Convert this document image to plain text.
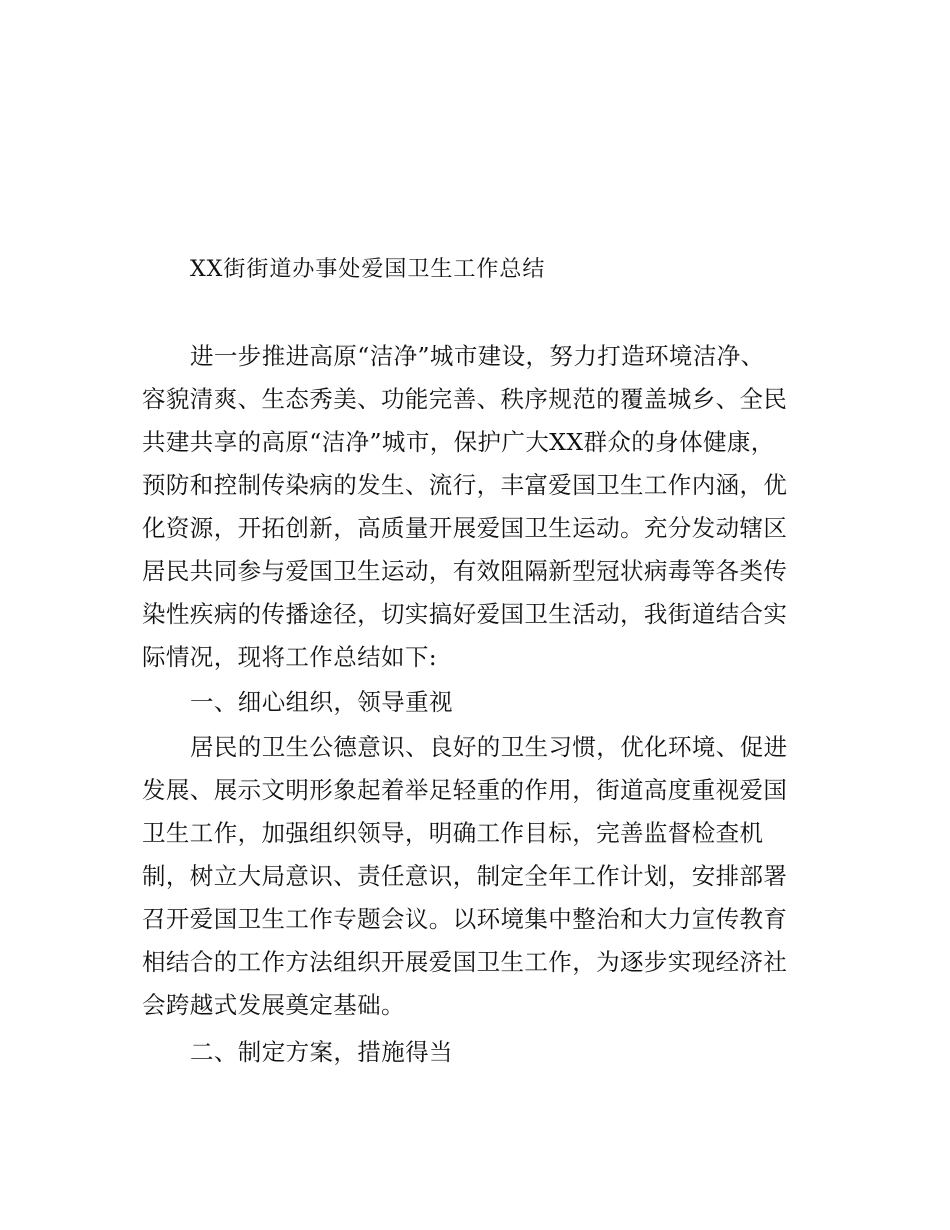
XX街街道办事处爱国卫生工作总结

进一步推进高原“洁净”城市建设，努力打造环境洁净、

容貌清爽、生态秀美、功能完善、秩序规范的覆盖城乡、全民

共建共享的高原“洁净”城市，保护广大XX群众的身体健康，

预防和控制传染病的发生、流行，丰富爱国卫生工作内涵，优

化资源，开拓创新，高质量开展爱国卫生运动。充分发动辖区

居民共同参与爱国卫生运动，有效阻隔新型冠状病毒等各类传

染性疾病的传播途径，切实搞好爱国卫生活动，我街道结合实

际情况，现将工作总结如下:

一、细心组织，领导重视

居民的卫生公德意识、良好的卫生习惯，优化环境、促进

发展、展示文明形象起着举足轻重的作用，街道高度重视爱国

卫生工作，加强组织领导，明确工作目标，完善监督检查机

制，树立大局意识、责任意识，制定全年工作计划，安排部署

召开爱国卫生工作专题会议。以环境集中整治和大力宣传教育

相结合的工作方法组织开展爱国卫生工作，为逐步实现经济社

会跨越式发展奠定基础。

二、制定方案，措施得当
